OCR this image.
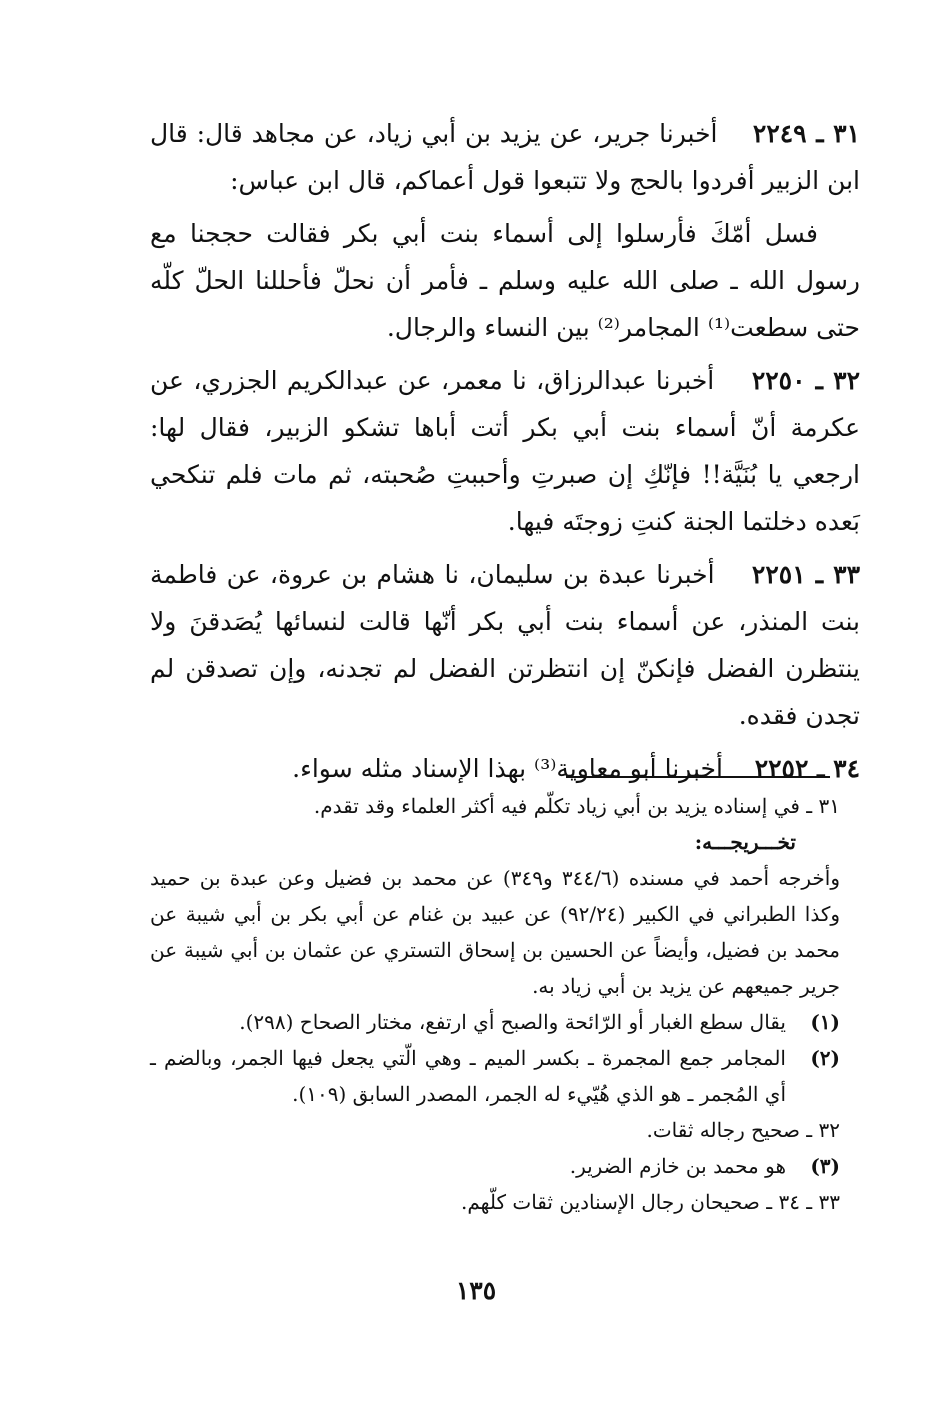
٣١ ـ ٢٢٤٩    أخبرنا جرير، عن يزيد بن أبي زياد، عن مجاهد قال: قال ابن الزبير أفردوا بالحج ولا تتبعوا قول أعماكم، قال ابن عباس:

فسل أمّكَ فأرسلوا إلى أسماء بنت أبي بكر فقالت حججنا مع رسول الله ـ صلى الله عليه وسلم ـ فأمر أن نحلّ فأحللنا الحلّ كلّه حتى سطعت⁽¹⁾ المجامر⁽²⁾ بين النساء والرجال.

٣٢ ـ ٢٢٥٠    أخبرنا عبدالرزاق، نا معمر، عن عبدالكريم الجزري، عن عكرمة أنّ أسماء بنت أبي بكر أتت أباها تشكو الزبير، فقال لها: ارجعي يا بُنَيَّة!! فإنّكِ إن صبرتِ وأحببتِ صُحبته، ثم مات فلم تنكحي بَعده دخلتما الجنة كنتِ زوجتَه فيها.

٣٣ ـ ٢٢٥١    أخبرنا عبدة بن سليمان، نا هشام بن عروة، عن فاطمة بنت المنذر، عن أسماء بنت أبي بكر أنّها قالت لنسائها يُصَدقنَ ولا ينتظرن الفضل فإنكنّ إن انتظرتن الفضل لم تجدنه، وإن تصدقن لم تجدن فقده.

٣٤ ـ ٢٢٥٢    أخبرنا أبو معاوية⁽³⁾ بهذا الإسناد مثله سواء.

٣١ ـ في إسناده يزيد بن أبي زياد تكلّم فيه أكثر العلماء وقد تقدم.

تخـــريجـــه:

وأخرجه أحمد في مسنده (٣٤٤/٦ و٣٤٩) عن محمد بن فضيل وعن عبدة بن حميد وكذا الطبراني في الكبير (٩٢/٢٤) عن عبيد بن غنام عن أبي بكر بن أبي شيبة عن محمد بن فضيل، وأيضاً عن الحسين بن إسحاق التستري عن عثمان بن أبي شيبة عن جرير جميعهم عن يزيد بن أبي زياد به.

(١)
يقال سطع الغبار أو الرّائحة والصبح أي ارتفع، مختار الصحاح (٢٩٨).
(٢)
المجامر جمع المجمرة ـ بكسر الميم ـ وهي الّتي يجعل فيها الجمر، وبالضم ـ أي المُجمر ـ هو الذي هُيّيء له الجمر، المصدر السابق (١٠٩).

٣٢ ـ صحيح رجاله ثقات.

(٣)
هو محمد بن خازم الضرير.

٣٣ ـ ٣٤ ـ صحيحان رجال الإسنادين ثقات كلّهم.

١٣٥
